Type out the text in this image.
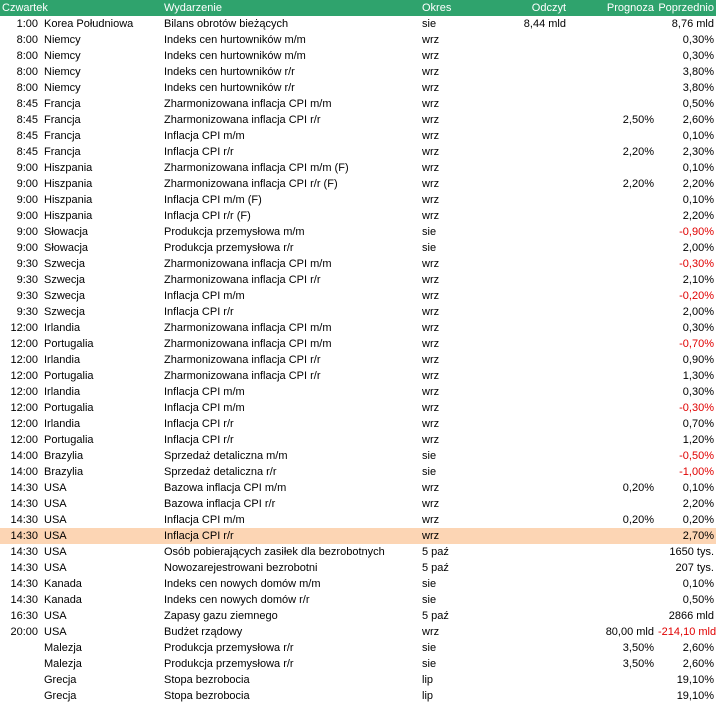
Czwartek		Wydarzenie	Okres	Odczyt	Prognoza	Poprzednio
1:00	Korea Południowa	Bilans obrotów bieżących	sie	8,44 mld		8,76 mld
8:00	Niemcy	Indeks cen hurtowników m/m	wrz			0,30%
8:00	Niemcy	Indeks cen hurtowników m/m	wrz			0,30%
8:00	Niemcy	Indeks cen hurtowników r/r	wrz			3,80%
8:00	Niemcy	Indeks cen hurtowników r/r	wrz			3,80%
8:45	Francja	Zharmonizowana inflacja CPI m/m	wrz			0,50%
8:45	Francja	Zharmonizowana inflacja CPI r/r	wrz		2,50%	2,60%
8:45	Francja	Inflacja CPI m/m	wrz			0,10%
8:45	Francja	Inflacja CPI r/r	wrz		2,20%	2,30%
9:00	Hiszpania	Zharmonizowana inflacja CPI m/m (F)	wrz			0,10%
9:00	Hiszpania	Zharmonizowana inflacja CPI r/r (F)	wrz		2,20%	2,20%
9:00	Hiszpania	Inflacja CPI m/m (F)	wrz			0,10%
9:00	Hiszpania	Inflacja CPI r/r (F)	wrz			2,20%
9:00	Słowacja	Produkcja przemysłowa m/m	sie			-0,90%
9:00	Słowacja	Produkcja przemysłowa r/r	sie			2,00%
9:30	Szwecja	Zharmonizowana inflacja CPI m/m	wrz			-0,30%
9:30	Szwecja	Zharmonizowana inflacja CPI r/r	wrz			2,10%
9:30	Szwecja	Inflacja CPI m/m	wrz			-0,20%
9:30	Szwecja	Inflacja CPI r/r	wrz			2,00%
12:00	Irlandia	Zharmonizowana inflacja CPI m/m	wrz			0,30%
12:00	Portugalia	Zharmonizowana inflacja CPI m/m	wrz			-0,70%
12:00	Irlandia	Zharmonizowana inflacja CPI r/r	wrz			0,90%
12:00	Portugalia	Zharmonizowana inflacja CPI r/r	wrz			1,30%
12:00	Irlandia	Inflacja CPI m/m	wrz			0,30%
12:00	Portugalia	Inflacja CPI m/m	wrz			-0,30%
12:00	Irlandia	Inflacja CPI r/r	wrz			0,70%
12:00	Portugalia	Inflacja CPI r/r	wrz			1,20%
14:00	Brazylia	Sprzedaż detaliczna m/m	sie			-0,50%
14:00	Brazylia	Sprzedaż detaliczna r/r	sie			-1,00%
14:30	USA	Bazowa inflacja CPI m/m	wrz		0,20%	0,10%
14:30	USA	Bazowa inflacja CPI r/r	wrz			2,20%
14:30	USA	Inflacja CPI m/m	wrz		0,20%	0,20%
14:30	USA	Inflacja CPI r/r	wrz			2,70%
14:30	USA	Osób pobierających zasiłek dla bezrobotnych	5 paź			1650 tys.
14:30	USA	Nowozarejestrowani bezrobotni	5 paź			207 tys.
14:30	Kanada	Indeks cen nowych domów m/m	sie			0,10%
14:30	Kanada	Indeks cen nowych domów r/r	sie			0,50%
16:30	USA	Zapasy gazu ziemnego	5 paź			2866 mld
20:00	USA	Budżet rządowy	wrz		80,00 mld	-214,10 mld
	Malezja	Produkcja przemysłowa r/r	sie		3,50%	2,60%
	Malezja	Produkcja przemysłowa r/r	sie		3,50%	2,60%
	Grecja	Stopa bezrobocia	lip			19,10%
	Grecja	Stopa bezrobocia	lip			19,10%
